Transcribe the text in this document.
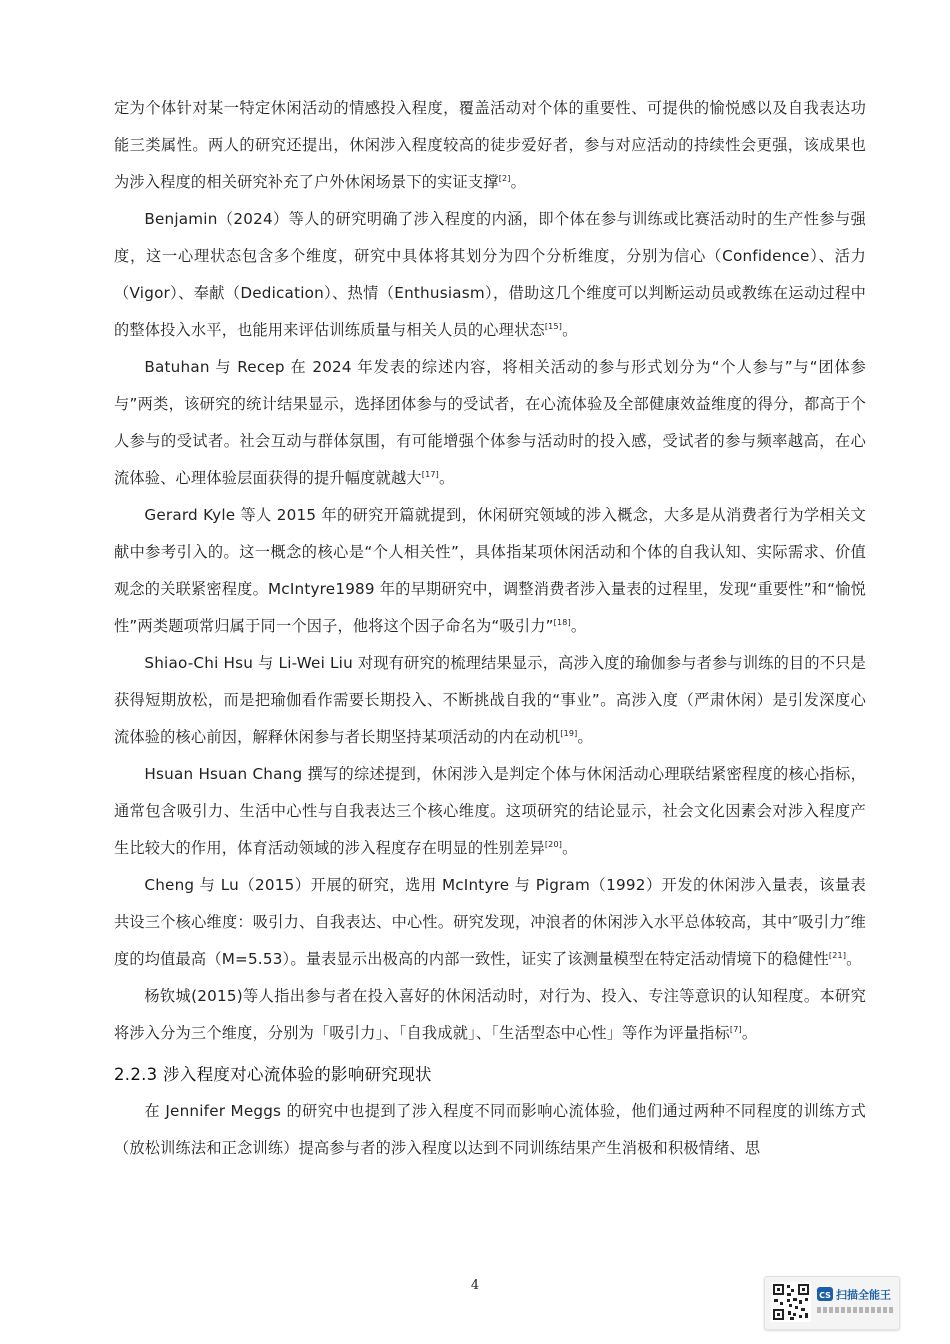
定为个体针对某一特定休闲活动的情感投入程度，覆盖活动对个体的重要性、可提供的愉悦感以及自我表达功能三类属性。两人的研究还提出，休闲涉入程度较高的徒步爱好者，参与对应活动的持续性会更强，该成果也为涉入程度的相关研究补充了户外休闲场景下的实证支撑[2]。

Benjamin（2024）等人的研究明确了涉入程度的内涵，即个体在参与训练或比赛活动时的生产性参与强度，这一心理状态包含多个维度，研究中具体将其划分为四个分析维度，分别为信心（Confidence）、活力（Vigor）、奉献（Dedication）、热情（Enthusiasm），借助这几个维度可以判断运动员或教练在运动过程中的整体投入水平，也能用来评估训练质量与相关人员的心理状态[15]。

Batuhan 与 Recep 在 2024 年发表的综述内容，将相关活动的参与形式划分为“个人参与”与“团体参与”两类，该研究的统计结果显示，选择团体参与的受试者，在心流体验及全部健康效益维度的得分，都高于个人参与的受试者。社会互动与群体氛围，有可能增强个体参与活动时的投入感，受试者的参与频率越高，在心流体验、心理体验层面获得的提升幅度就越大[17]。

Gerard Kyle 等人 2015 年的研究开篇就提到，休闲研究领域的涉入概念，大多是从消费者行为学相关文献中参考引入的。这一概念的核心是“个人相关性”，具体指某项休闲活动和个体的自我认知、实际需求、价值观念的关联紧密程度。McIntyre1989 年的早期研究中，调整消费者涉入量表的过程里，发现“重要性”和“愉悦性”两类题项常归属于同一个因子，他将这个因子命名为“吸引力”[18]。

Shiao-Chi Hsu 与 Li-Wei Liu 对现有研究的梳理结果显示，高涉入度的瑜伽参与者参与训练的目的不只是获得短期放松，而是把瑜伽看作需要长期投入、不断挑战自我的“事业”。高涉入度（严肃休闲）是引发深度心流体验的核心前因，解释休闲参与者长期坚持某项活动的内在动机[19]。

Hsuan Hsuan Chang 撰写的综述提到，休闲涉入是判定个体与休闲活动心理联结紧密程度的核心指标，通常包含吸引力、生活中心性与自我表达三个核心维度。这项研究的结论显示，社会文化因素会对涉入程度产生比较大的作用，体育活动领域的涉入程度存在明显的性别差异[20]。

Cheng 与 Lu（2015）开展的研究，选用 McIntyre 与 Pigram（1992）开发的休闲涉入量表，该量表共设三个核心维度：吸引力、自我表达、中心性。研究发现，冲浪者的休闲涉入水平总体较高，其中″吸引力″维度的均值最高（M=5.53）。量表显示出极高的内部一致性，证实了该测量模型在特定活动情境下的稳健性[21]。

杨钦城(2015)等人指出参与者在投入喜好的休闲活动时，对行为、投入、专注等意识的认知程度。本研究将涉入分为三个维度，分别为「吸引力」、「自我成就」、「生活型态中心性」等作为评量指标[7]。

2.2.3 涉入程度对心流体验的影响研究现状

在 Jennifer Meggs 的研究中也提到了涉入程度不同而影响心流体验，他们通过两种不同程度的训练方式（放松训练法和正念训练）提高参与者的涉入程度以达到不同训练结果产生消极和积极情绪、思

4
CS 扫描全能王
